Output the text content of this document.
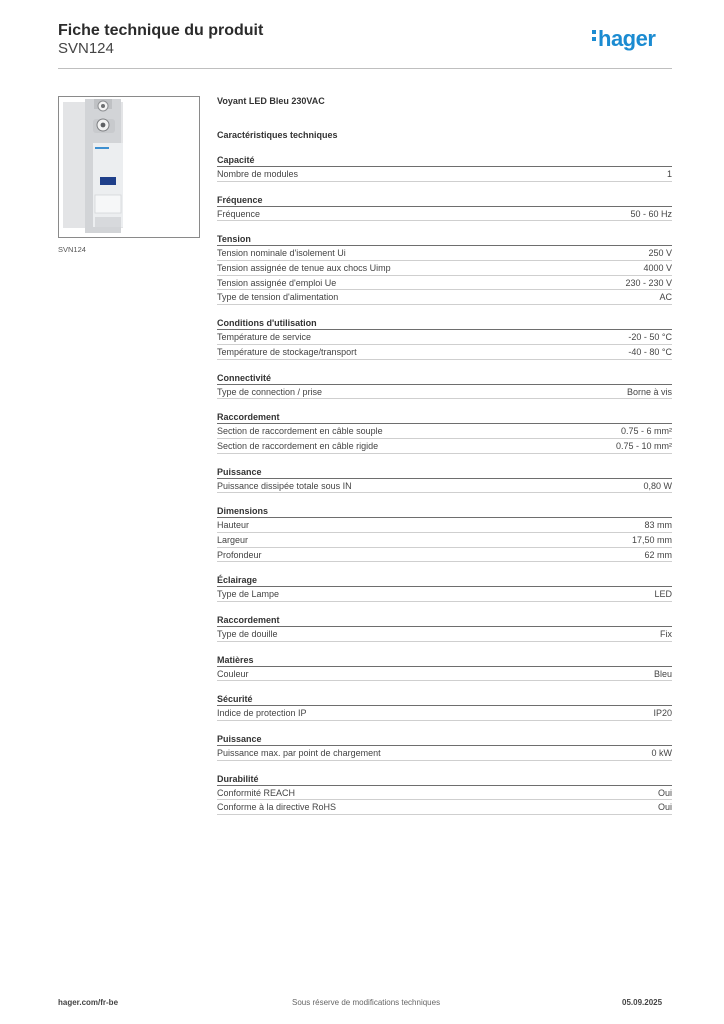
Fiche technique du produit
SVN124	hager
SVN124
Voyant LED Bleu 230VAC
Caractéristiques techniques
Capacité
Nombre de modules	1
Fréquence
Fréquence	50 - 60 Hz
Tension
Tension nominale d'isolement Ui	250 V
Tension assignée de tenue aux chocs Uimp	4000 V
Tension assignée d'emploi Ue	230 - 230 V
Type de tension d'alimentation	AC
Conditions d'utilisation
Température de service	-20 - 50 °C
Température de stockage/transport	-40 - 80 °C
Connectivité
Type de connection / prise	Borne à vis
Raccordement
Section de raccordement en câble souple	0.75 - 6 mm²
Section de raccordement en câble rigide	0.75 - 10 mm²
Puissance
Puissance dissipée totale sous IN	0,80 W
Dimensions
Hauteur	83 mm
Largeur	17,50 mm
Profondeur	62 mm
Éclairage
Type de Lampe	LED
Raccordement
Type de douille	Fix
Matières
Couleur	Bleu
Sécurité
Indice de protection IP	IP20
Puissance
Puissance max. par point de chargement	0 kW
Durabilité
Conformité REACH	Oui
Conforme à la directive RoHS	Oui
hager.com/fr-be	Sous réserve de modifications techniques	05.09.2025
